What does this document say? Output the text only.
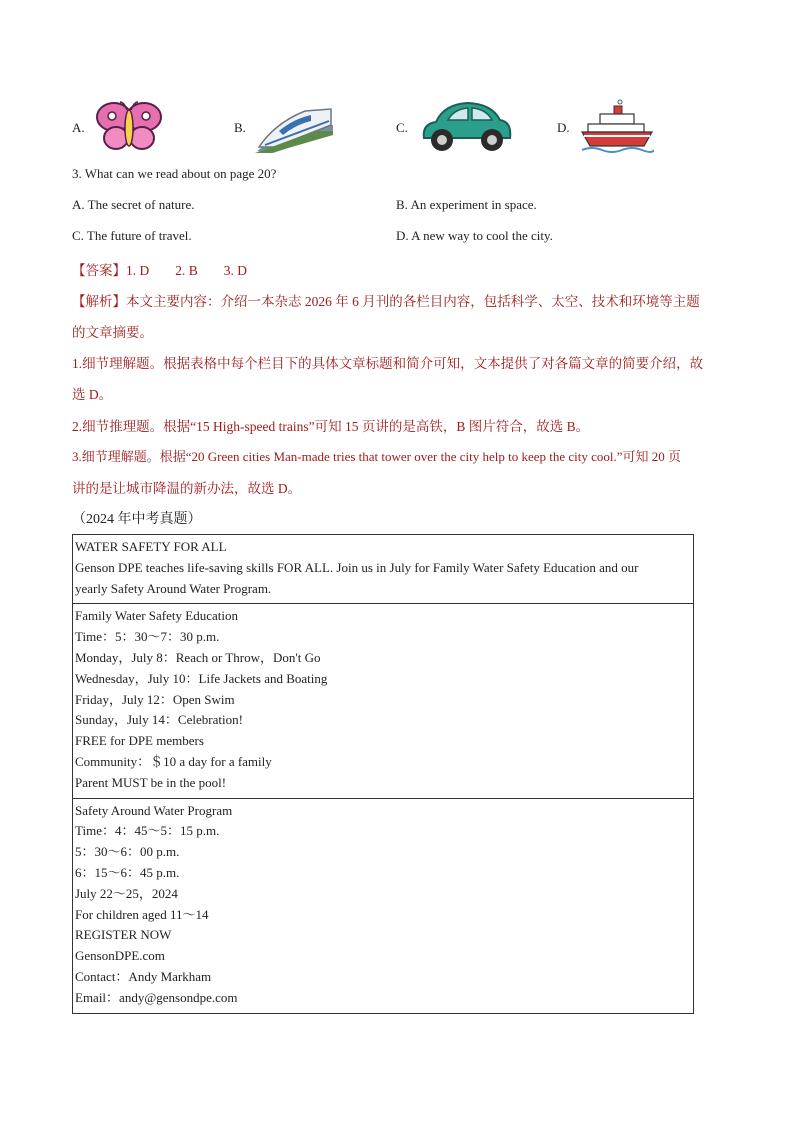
A.	B.	C.	D.
3. What can we read about on page 20?
A. The secret of nature.	B. An experiment in space.
C. The future of travel.	D. A new way to cool the city.
【答案】1. D 2. B 3. D
【解析】本文主要内容：介绍一本杂志 2026 年 6 月刊的各栏目内容，包括科学、太空、技术和环境等主题
的文章摘要。
1.细节理解题。根据表格中每个栏目下的具体文章标题和简介可知，文本提供了对各篇文章的简要介绍，故
选 D。
2.细节推理题。根据“15 High-speed trains”可知 15 页讲的是高铁，B 图片符合，故选 B。
3.细节理解题。根据“20 Green cities Man-made tries that tower over the city help to keep the city cool.”可知 20 页
讲的是让城市降温的新办法，故选 D。
（2024 年中考真题）
WATER SAFETY FOR ALL
Genson DPE teaches life-saving skills FOR ALL. Join us in July for Family Water Safety Education and our
yearly Safety Around Water Program.
Family Water Safety Education
Time：5：30～7：30 p.m.
Monday，July 8：Reach or Throw，Don't Go
Wednesday，July 10：Life Jackets and Boating
Friday，July 12：Open Swim
Sunday，July 14：Celebration!
FREE for DPE members
Community：＄10 a day for a family
Parent MUST be in the pool!
Safety Around Water Program
Time：4：45～5：15 p.m.
5：30～6：00 p.m.
6：15～6：45 p.m.
July 22～25，2024
For children aged 11～14
REGISTER NOW
GensonDPE.com
Contact：Andy Markham
Email：andy@gensondpe.com
